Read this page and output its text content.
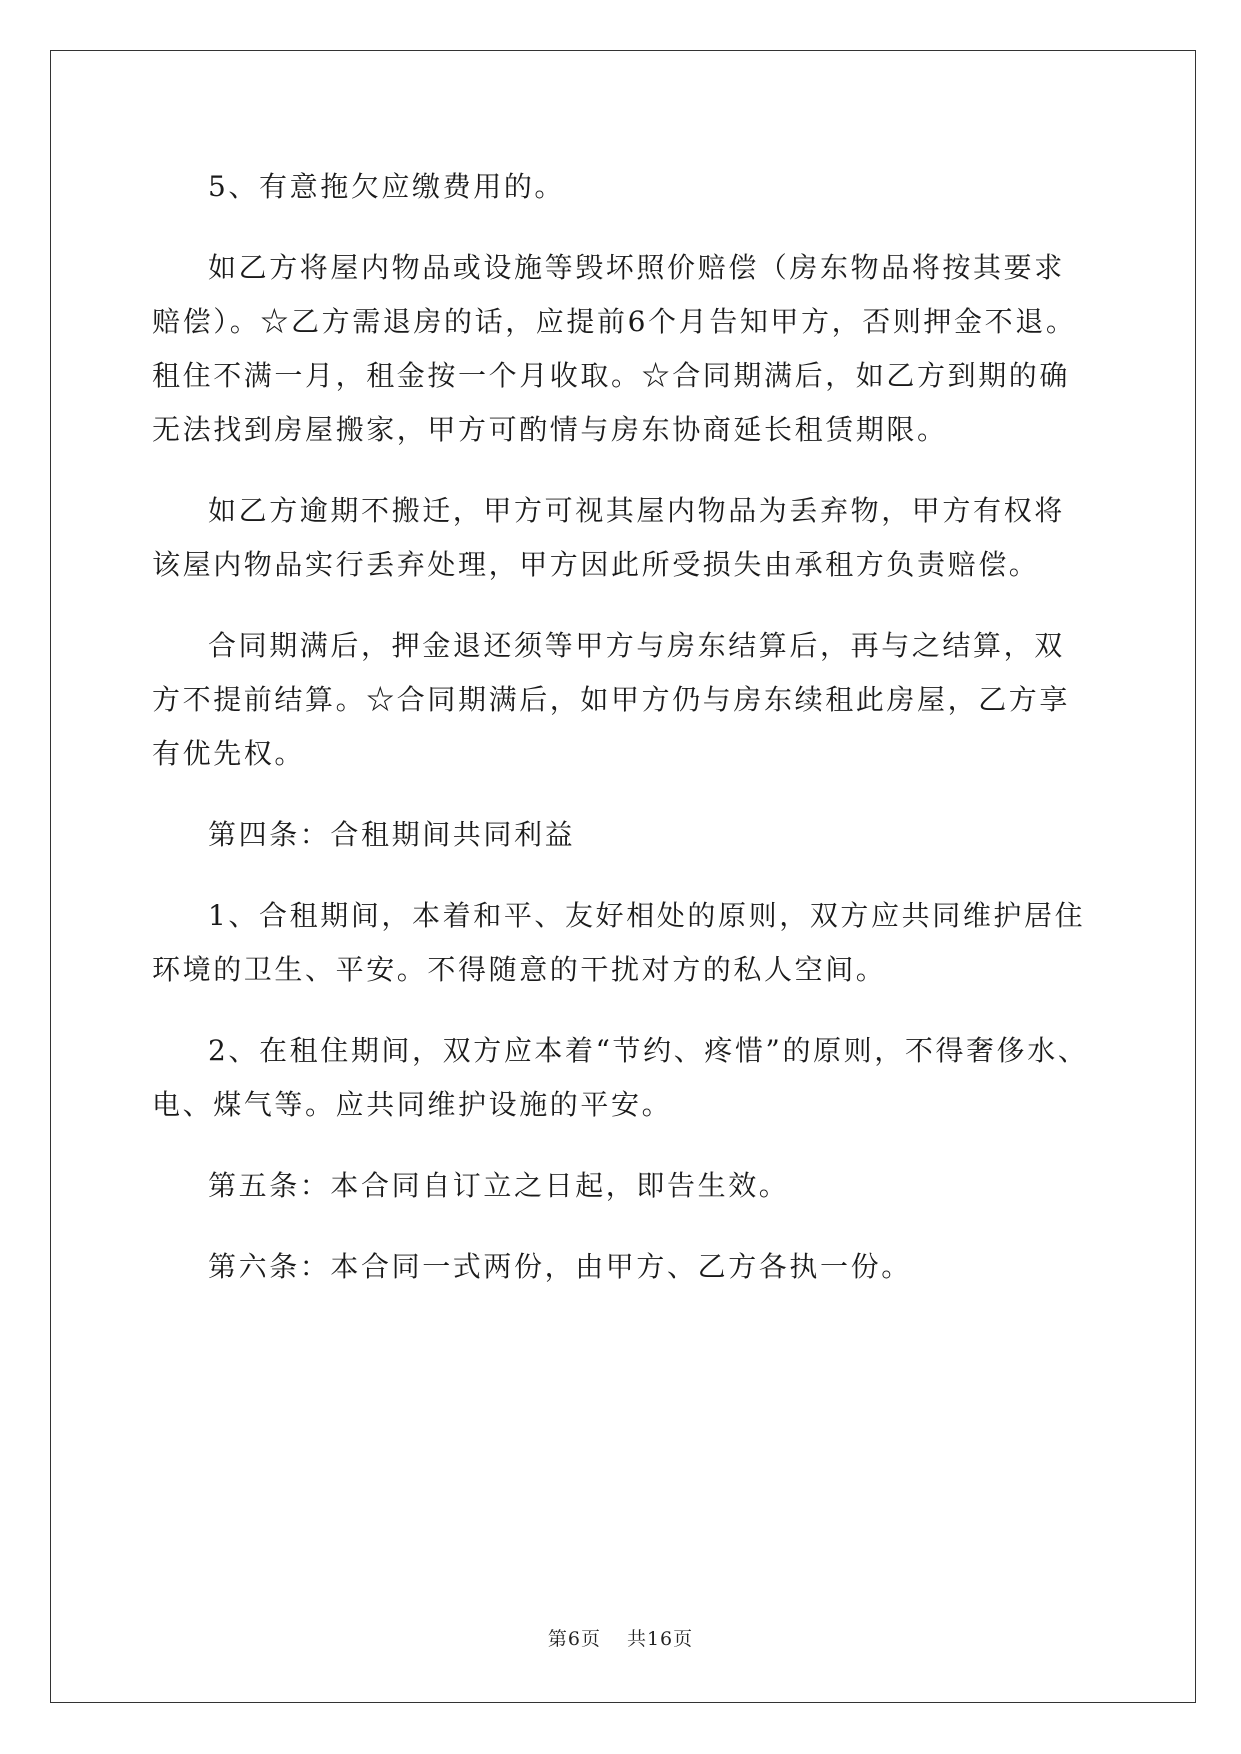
5、有意拖欠应缴费用的。

如乙方将屋内物品或设施等毁坏照价赔偿（房东物品将按其要求
赔偿）。☆乙方需退房的话，应提前6个月告知甲方，否则押金不退。
租住不满一月，租金按一个月收取。☆合同期满后，如乙方到期的确
无法找到房屋搬家，甲方可酌情与房东协商延长租赁期限。

如乙方逾期不搬迁，甲方可视其屋内物品为丢弃物，甲方有权将
该屋内物品实行丢弃处理，甲方因此所受损失由承租方负责赔偿。

合同期满后，押金退还须等甲方与房东结算后，再与之结算，双
方不提前结算。☆合同期满后，如甲方仍与房东续租此房屋，乙方享
有优先权。

第四条：合租期间共同利益

1、合租期间，本着和平、友好相处的原则，双方应共同维护居住
环境的卫生、平安。不得随意的干扰对方的私人空间。

2、在租住期间，双方应本着“节约、疼惜”的原则，不得奢侈水、
电、煤气等。应共同维护设施的平安。

第五条：本合同自订立之日起，即告生效。

第六条：本合同一式两份，由甲方、乙方各执一份。

第6页 共16页
